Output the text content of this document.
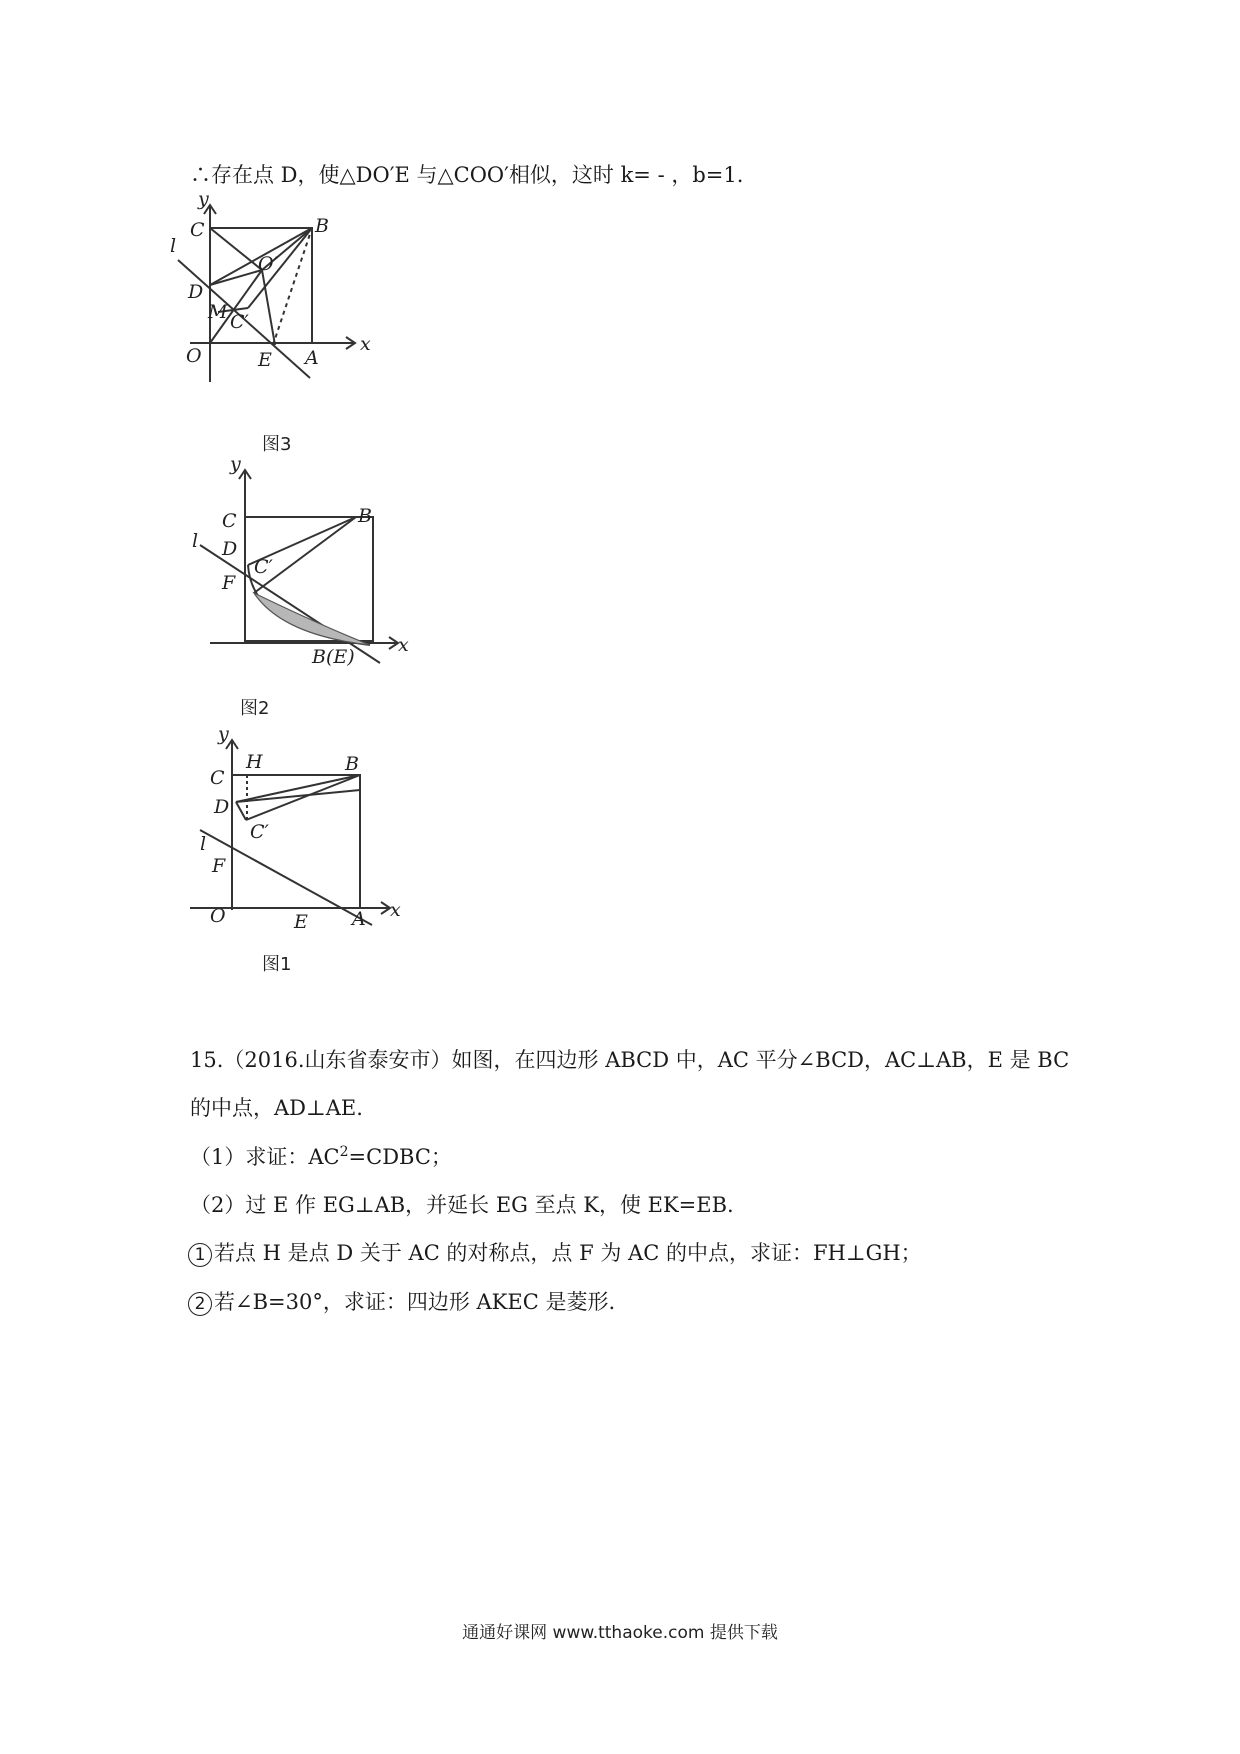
∴存在点 D，使△DO′E 与△COO′相似，这时 k= - ，b=1.
y
x
C	B
l
O′
D
M C′
O	E A
图3
y
x
C	B
l D
C′
F
B(E)
图2
y
x
C
H	B
D
C′
l
F
O	E A
图1
15.（2016.山东省泰安市）如图，在四边形 ABCD 中，AC 平分∠BCD，AC⊥AB，E 是 BC
的中点，AD⊥AE.
（1）求证：$AC^2=CDBC$；
（2）过 E 作 EG⊥AB，并延长 EG 至点 K，使 EK=EB.
1 若点 H 是点 D 关于 AC 的对称点，点 F 为 AC 的中点，求证：FH⊥GH；
2 若∠B=30°，求证：四边形 AKEC 是菱形.
通通好课网 www.tthaoke.com 提供下载
